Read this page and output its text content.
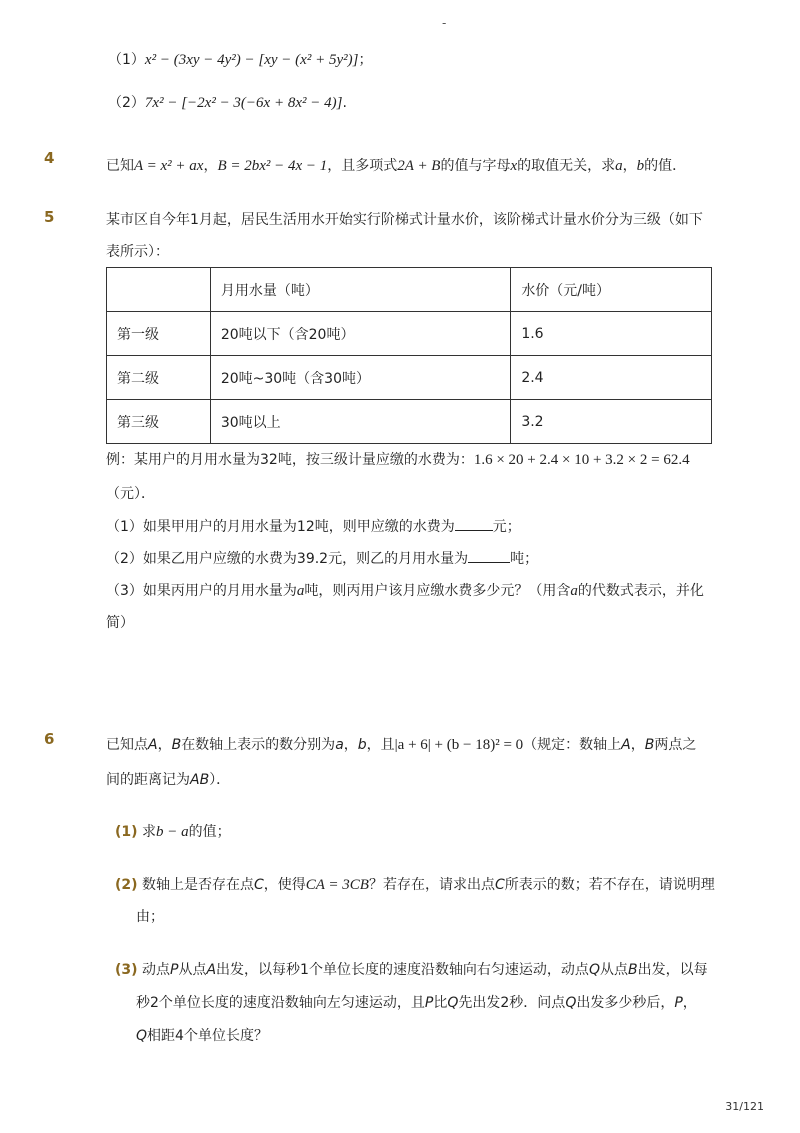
-
（1）x² − (3xy − 4y²) − [xy − (x² + 5y²)]；
（2）7x² − [−2x² − 3(−6x + 8x² − 4)].
4	已知A = x² + ax，B = 2bx² − 4x − 1，且多项式2A + B的值与字母x的取值无关，求a，b的值．
5	某市区自今年1月起，居民生活用水开始实行阶梯式计量水价，该阶梯式计量水价分为三级（如下
表所示）：
	月用水量（吨）	水价（元/吨）
第一级	20吨以下（含20吨）	1.6
第二级	20吨~30吨（含30吨）	2.4
第三级	30吨以上	3.2
例：某用户的月用水量为32吨，按三级计量应缴的水费为：1.6 × 20 + 2.4 × 10 + 3.2 × 2 = 62.4
（元）．
（1）如果甲用户的月用水量为12吨，则甲应缴的水费为	元；
（2）如果乙用户应缴的水费为39.2元，则乙的月用水量为	吨；
（3）如果丙用户的月用水量为a吨，则丙用户该月应缴水费多少元？（用含a的代数式表示，并化
简）
6	已知点A，B在数轴上表示的数分别为a，b，且|a + 6| + (b − 18)² = 0（规定：数轴上A，B两点之
间的距离记为AB）．
(1) 求b − a的值；
(2) 数轴上是否存在点C，使得CA = 3CB？若存在，请求出点C所表示的数；若不存在，请说明理
由；
(3) 动点P从点A出发，以每秒1个单位长度的速度沿数轴向右匀速运动，动点Q从点B出发，以每
秒2个单位长度的速度沿数轴向左匀速运动，且P比Q先出发2秒．问点Q出发多少秒后，P，
Q相距4个单位长度？
31/121
